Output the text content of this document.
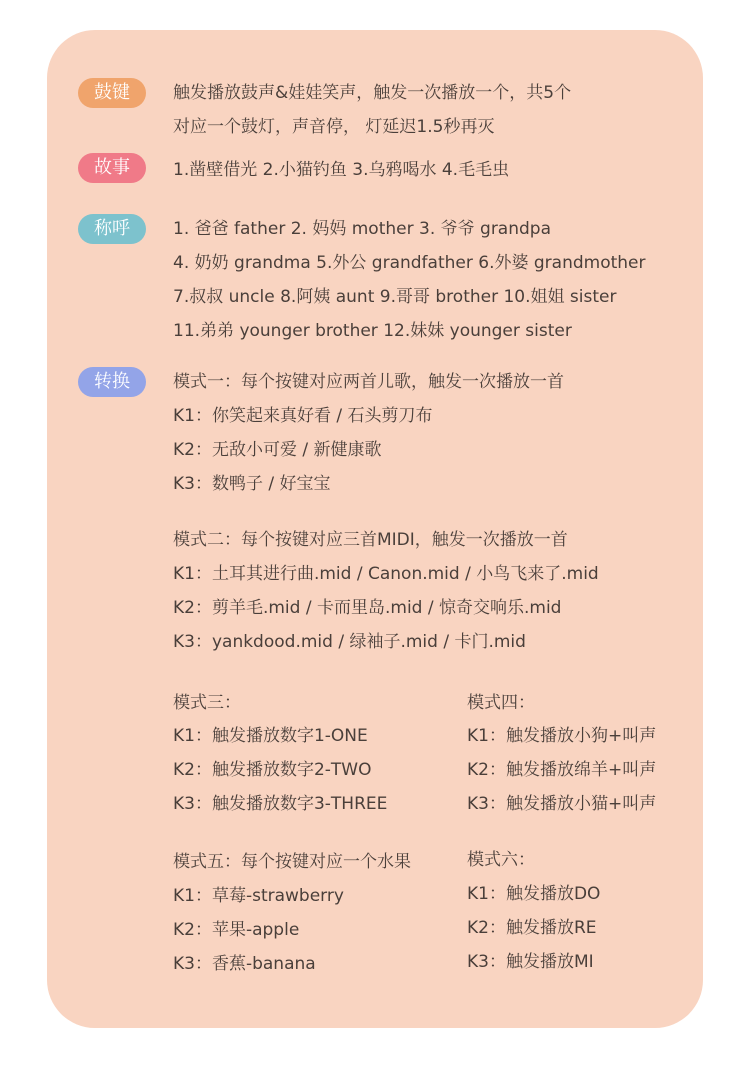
鼓键	触发播放鼓声&娃娃笑声，触发一次播放一个，共5个
对应一个鼓灯，声音停， 灯延迟1.5秒再灭
故事	1.凿壁借光 2.小猫钓鱼 3.乌鸦喝水 4.毛毛虫
称呼	1. 爸爸 father 2. 妈妈 mother 3. 爷爷 grandpa
4. 奶奶 grandma 5.外公 grandfather 6.外婆 grandmother
7.叔叔 uncle 8.阿姨 aunt 9.哥哥 brother 10.姐姐 sister
11.弟弟 younger brother 12.妹妹 younger sister
转换	模式一：每个按键对应两首儿歌，触发一次播放一首
K1：你笑起来真好看 / 石头剪刀布
K2：无敌小可爱 / 新健康歌
K3：数鸭子 / 好宝宝
模式二：每个按键对应三首MIDI，触发一次播放一首
K1：土耳其进行曲.mid / Canon.mid / 小鸟飞来了.mid
K2：剪羊毛.mid / 卡而里岛.mid / 惊奇交响乐.mid
K3：yankdood.mid / 绿袖子.mid / 卡门.mid
模式三：
K1：触发播放数字1-ONE
K2：触发播放数字2-TWO
K3：触发播放数字3-THREE
模式四：
K1：触发播放小狗+叫声
K2：触发播放绵羊+叫声
K3：触发播放小猫+叫声
模式五：每个按键对应一个水果
K1：草莓-strawberry
K2：苹果-apple
K3：香蕉-banana
模式六：
K1：触发播放DO
K2：触发播放RE
K3：触发播放MI
